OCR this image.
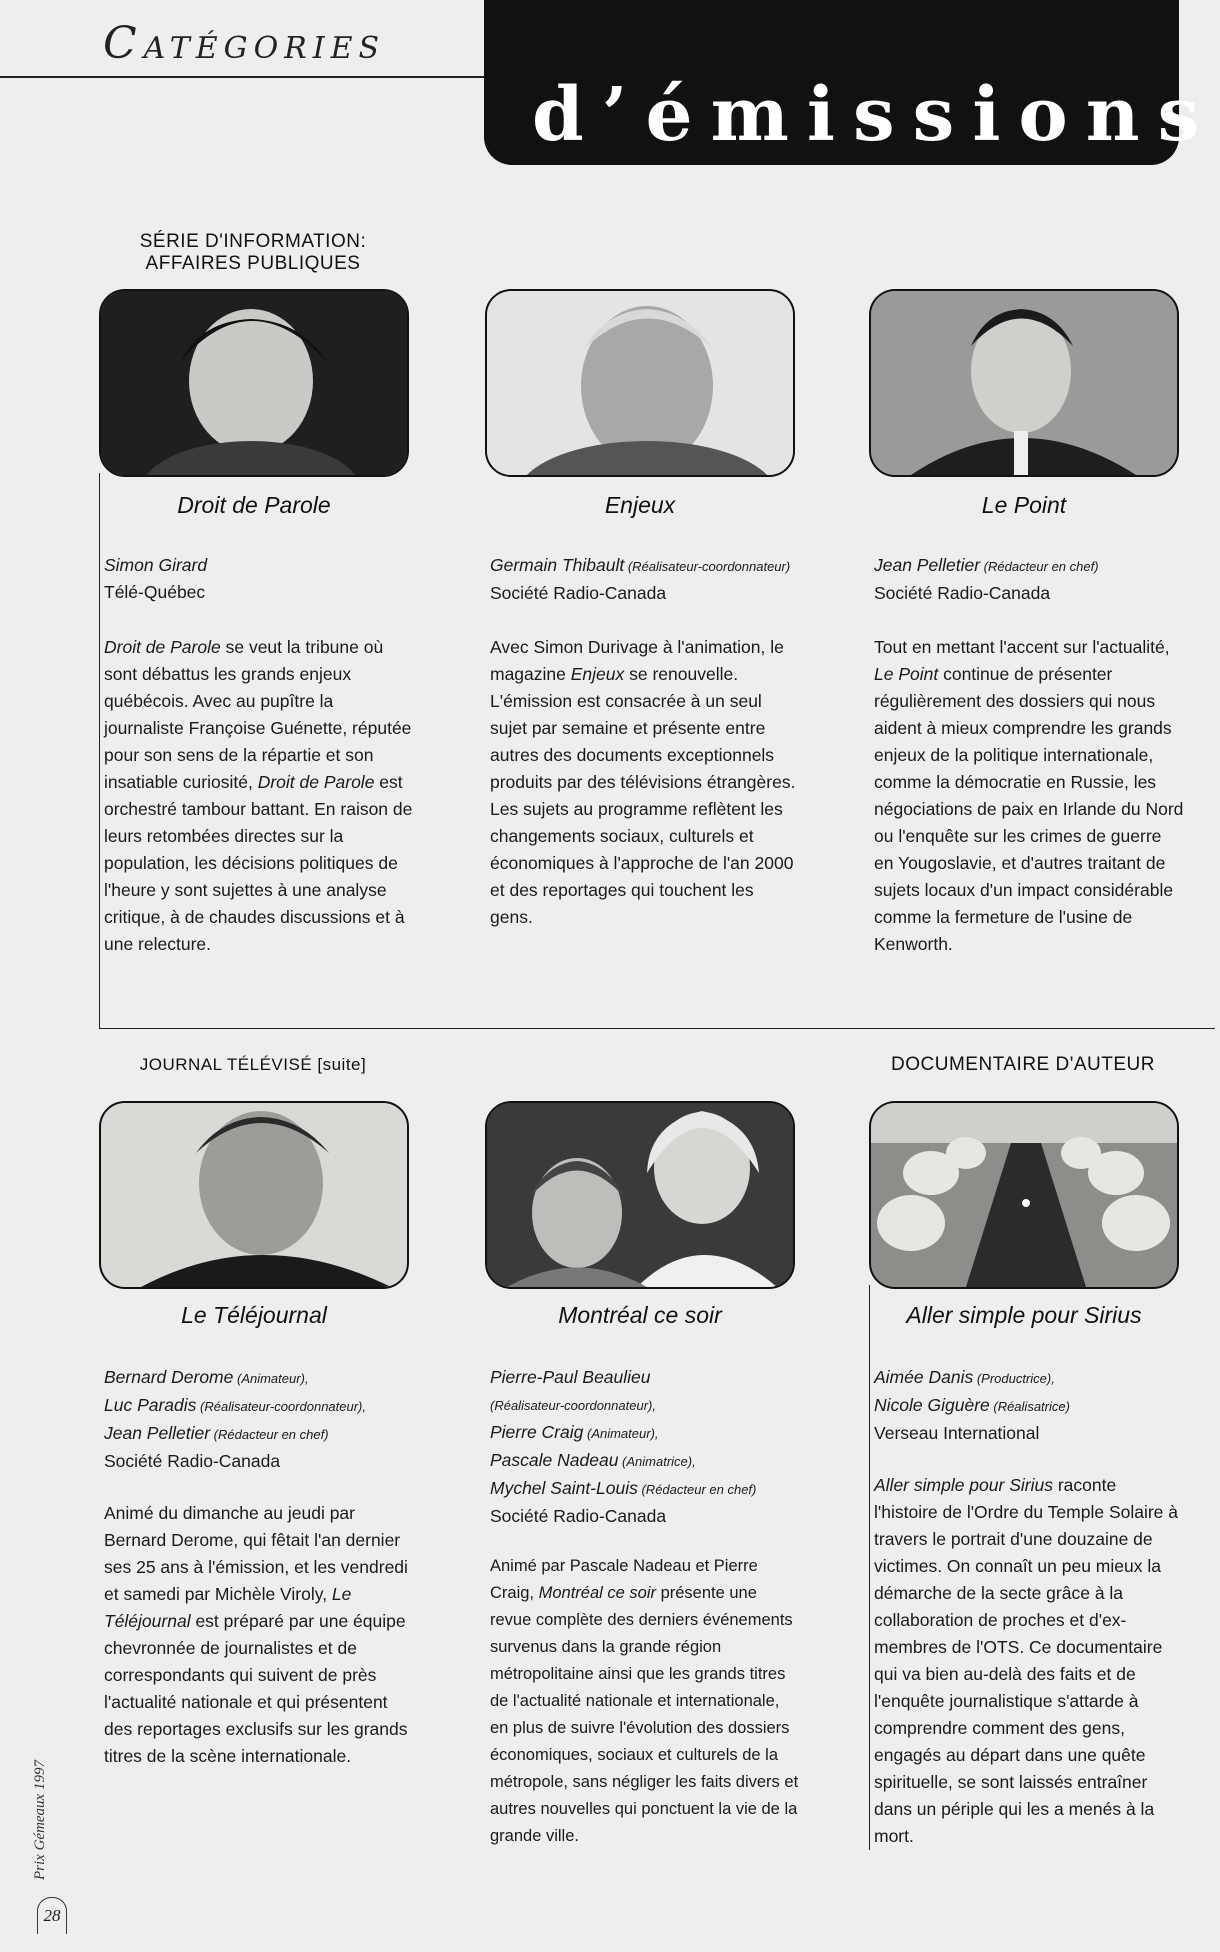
CATÉGORIES
d’émissions
SÉRIE D'INFORMATION:
AFFAIRES PUBLIQUES
JOURNAL TÉLÉVISÉ [suite]	DOCUMENTAIRE D'AUTEUR
Droit de Parole	Enjeux	Le Point
Le Téléjournal	Montréal ce soir	Aller simple pour Sirius
Simon Girard
Télé-Québec
Germain Thibault (Réalisateur-coordonnateur)
Société Radio-Canada
Jean Pelletier (Rédacteur en chef)
Société Radio-Canada
Bernard Derome (Animateur),
Luc Paradis (Réalisateur-coordonnateur),
Jean Pelletier (Rédacteur en chef)
Société Radio-Canada
Pierre-Paul Beaulieu
(Réalisateur-coordonnateur),
Pierre Craig (Animateur),
Pascale Nadeau (Animatrice),
Mychel Saint-Louis (Rédacteur en chef)
Société Radio-Canada
Aimée Danis (Productrice),
Nicole Giguère (Réalisatrice)
Verseau International
Droit de Parole se veut la tribune où sont débattus les grands enjeux québécois. Avec au pupître la journaliste Françoise Guénette, réputée pour son sens de la répartie et son insatiable curiosité, Droit de Parole est orchestré tambour battant. En raison de leurs retombées directes sur la population, les décisions politiques de l'heure y sont sujettes à une analyse critique, à de chaudes discussions et à une relecture.
Avec Simon Durivage à l'animation, le magazine Enjeux se renouvelle. L'émission est consacrée à un seul sujet par semaine et présente entre autres des documents exceptionnels produits par des télévisions étrangères. Les sujets au programme reflètent les changements sociaux, culturels et économiques à l'approche de l'an 2000 et des reportages qui touchent les gens.
Tout en mettant l'accent sur l'actualité, Le Point continue de présenter régulièrement des dossiers qui nous aident à mieux comprendre les grands enjeux de la politique internationale, comme la démocratie en Russie, les négociations de paix en Irlande du Nord ou l'enquête sur les crimes de guerre en Yougoslavie, et d'autres traitant de sujets locaux d'un impact considérable comme la fermeture de l'usine de Kenworth.
Animé du dimanche au jeudi par Bernard Derome, qui fêtait l'an dernier ses 25 ans à l'émission, et les vendredi et samedi par Michèle Viroly, Le Téléjournal est préparé par une équipe chevronnée de journalistes et de correspondants qui suivent de près l'actualité nationale et qui présentent des reportages exclusifs sur les grands titres de la scène internationale.
Animé par Pascale Nadeau et Pierre Craig, Montréal ce soir présente une revue complète des derniers événements survenus dans la grande région métropolitaine ainsi que les grands titres de l'actualité nationale et internationale, en plus de suivre l'évolution des dossiers économiques, sociaux et culturels de la métropole, sans négliger les faits divers et autres nouvelles qui ponctuent la vie de la grande ville.
Aller simple pour Sirius raconte l'histoire de l'Ordre du Temple Solaire à travers le portrait d'une douzaine de victimes. On connaît un peu mieux la démarche de la secte grâce à la collaboration de proches et d'ex-membres de l'OTS. Ce documentaire qui va bien au-delà des faits et de l'enquête journalistique s'attarde à comprendre comment des gens, engagés au départ dans une quête spirituelle, se sont laissés entraîner dans un périple qui les a menés à la mort.
Prix Gémeaux 1997
28
